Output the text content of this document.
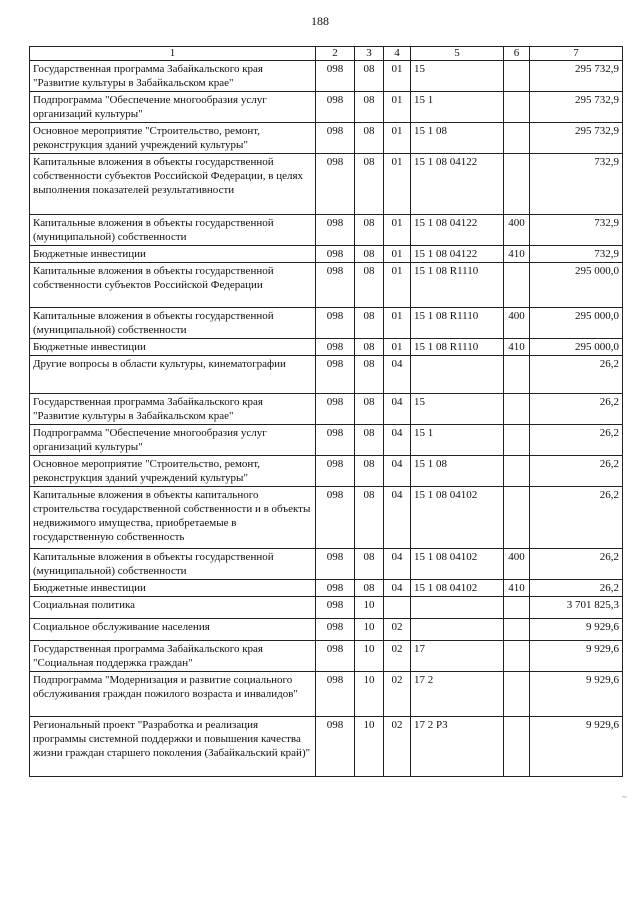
188
1	2	3	4	5	6	7
Государственная программа Забайкальского края "Развитие культуры в Забайкальском крае"	098	08	01	15		295 732,9
Подпрограмма "Обеспечение многообразия услуг организаций культуры"	098	08	01	15 1		295 732,9
Основное мероприятие "Строительство, ремонт, реконструкция зданий учреждений культуры"	098	08	01	15 1 08		295 732,9
Капитальные вложения в объекты государственной собственности субъектов Российской Федерации, в целях выполнения показателей результативности	098	08	01	15 1 08 04122		732,9
Капитальные вложения в объекты государственной (муниципальной) собственности	098	08	01	15 1 08 04122	400	732,9
Бюджетные инвестиции	098	08	01	15 1 08 04122	410	732,9
Капитальные вложения в объекты государственной собственности субъектов Российской Федерации	098	08	01	15 1 08 R1110		295 000,0
Капитальные вложения в объекты государственной (муниципальной) собственности	098	08	01	15 1 08 R1110	400	295 000,0
Бюджетные инвестиции	098	08	01	15 1 08 R1110	410	295 000,0
Другие вопросы в области культуры, кинематографии	098	08	04			26,2
Государственная программа Забайкальского края "Развитие культуры в Забайкальском крае"	098	08	04	15		26,2
Подпрограмма "Обеспечение многообразия услуг организаций культуры"	098	08	04	15 1		26,2
Основное мероприятие "Строительство, ремонт, реконструкция зданий учреждений культуры"	098	08	04	15 1 08		26,2
Капитальные вложения в объекты капитального строительства государственной собственности и в объекты недвижимого имущества, приобретаемые в государственную собственность	098	08	04	15 1 08 04102		26,2
Капитальные вложения в объекты государственной (муниципальной) собственности	098	08	04	15 1 08 04102	400	26,2
Бюджетные инвестиции	098	08	04	15 1 08 04102	410	26,2
Социальная политика	098	10				3 701 825,3
Социальное обслуживание населения	098	10	02			9 929,6
Государственная программа Забайкальского края "Социальная поддержка граждан"	098	10	02	17		9 929,6
Подпрограмма "Модернизация и развитие социального обслуживания граждан пожилого возраста и инвалидов"	098	10	02	17 2		9 929,6
Региональный проект "Разработка и реализация программы системной поддержки и повышения качества жизни граждан старшего поколения (Забайкальский край)"	098	10	02	17 2 P3		9 929,6
~
